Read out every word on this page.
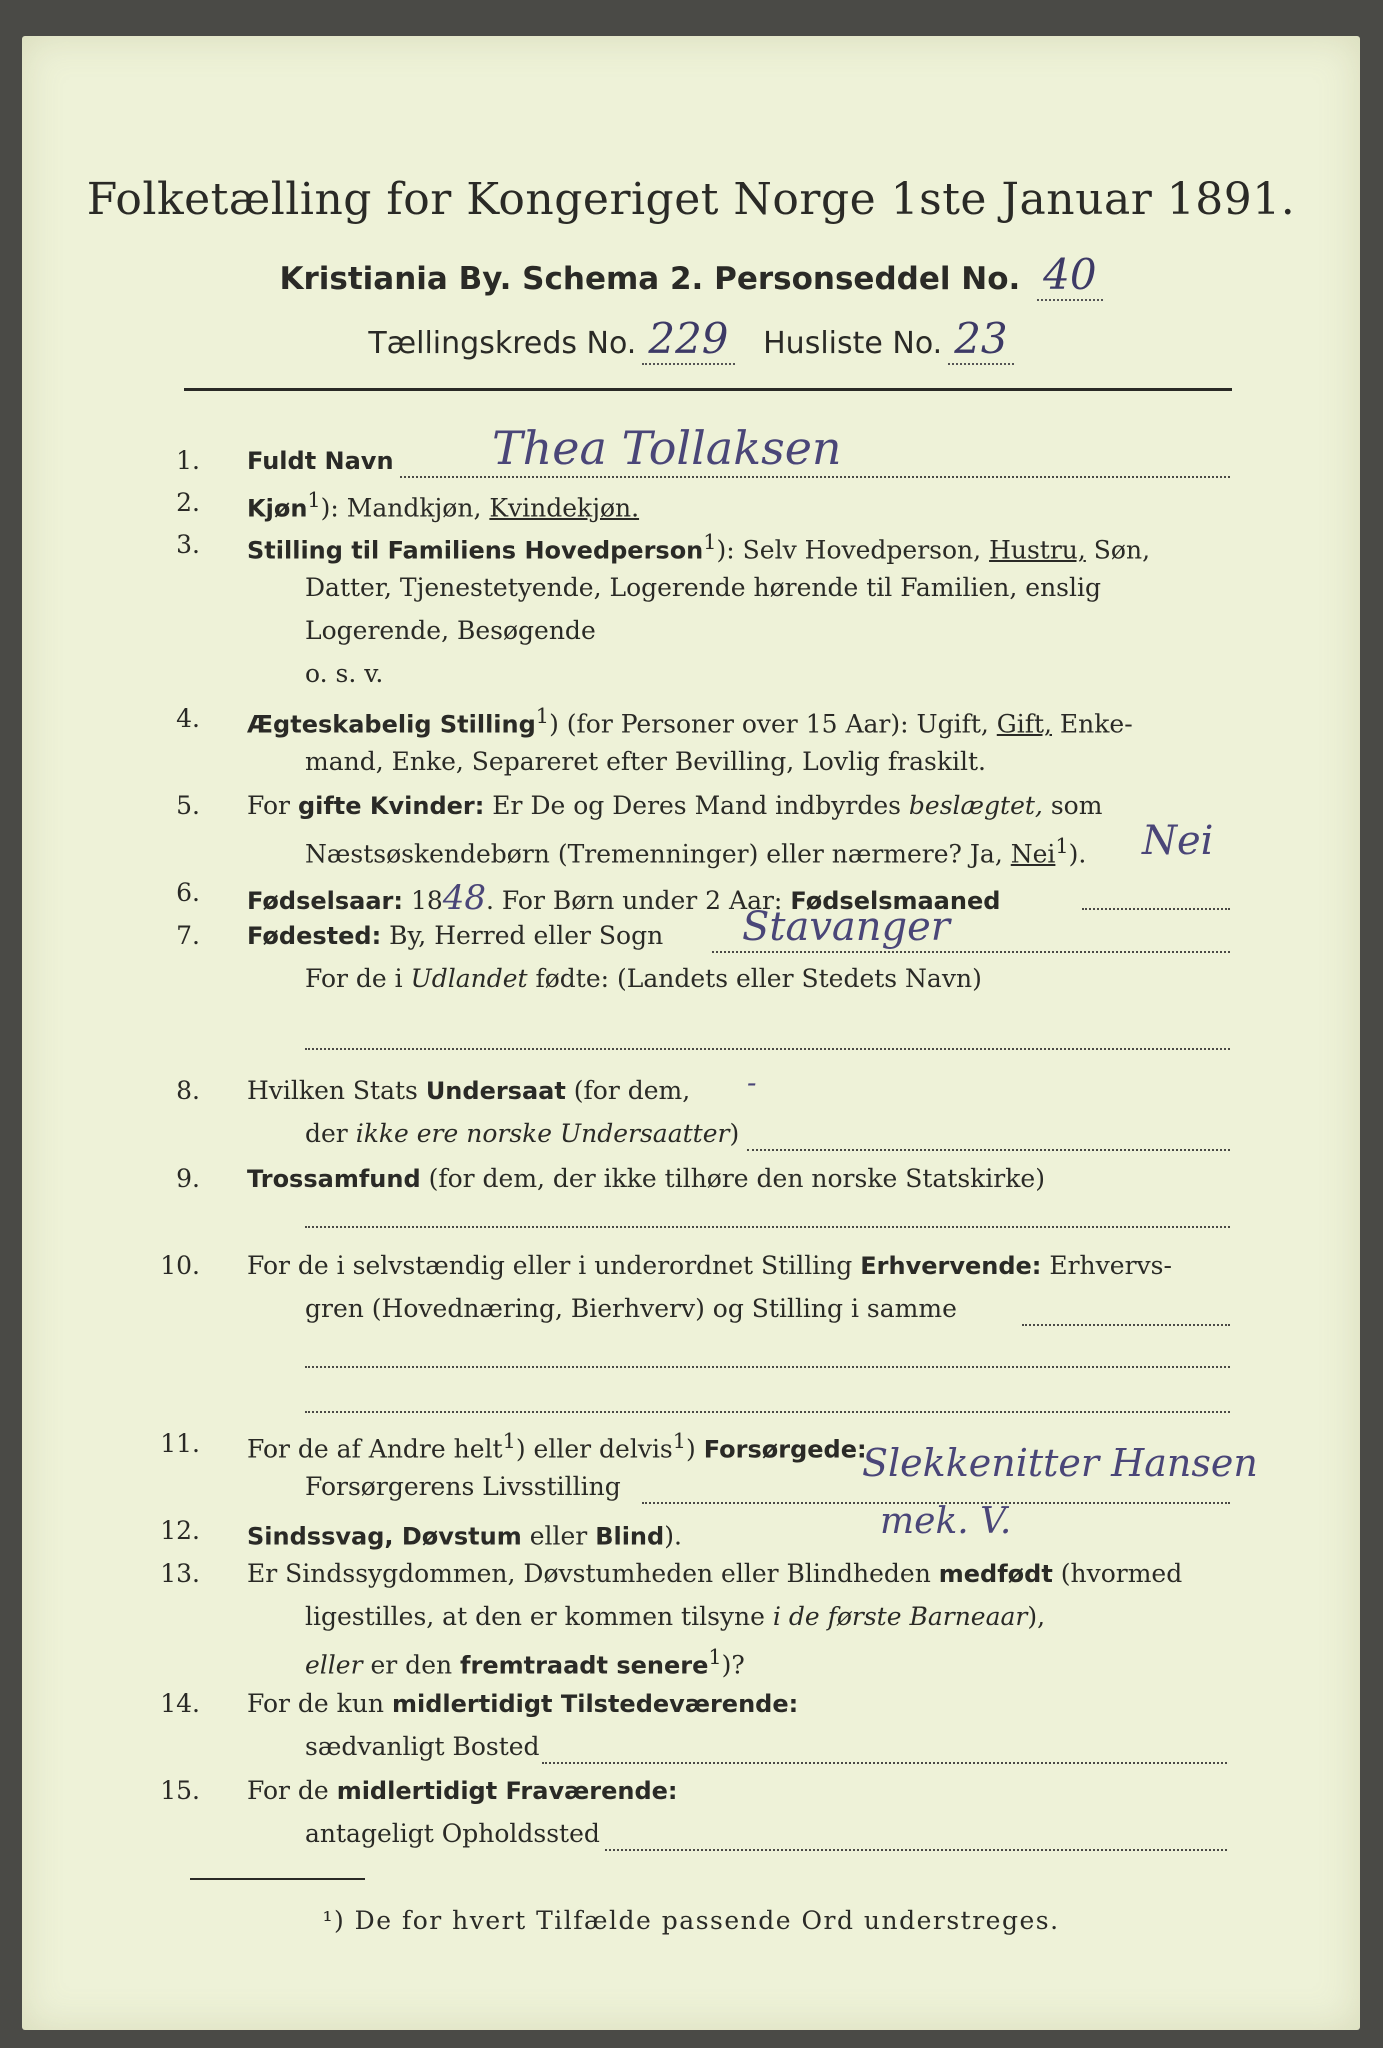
Folketælling for Kongeriget Norge 1ste Januar 1891.
Kristiania By. Schema 2. Personseddel No. 40
Tællingskreds No. 229 Husliste No. 23
1. Fuldt Navn Thea Tollaksen
2. Kjøn$^1$): Mandkjøn, Kvindekjøn.
3. Stilling til Familiens Hovedperson$^1$): Selv Hovedperson, Hustru, Søn,
Datter, Tjenestetyende, Logerende hørende til Familien, enslig
Logerende, Besøgende
o. s. v.
4. Ægteskabelig Stilling$^1$) (for Personer over 15 Aar): Ugift, Gift, Enke-
mand, Enke, Separeret efter Bevilling, Lovlig fraskilt.
5. For gifte Kvinder: Er De og Deres Mand indbyrdes beslægtet, som
Næstsøskendebørn (Tremenninger) eller nærmere? Ja, Nei$^1$). Nei
6. Fødselsaar: 1848. For Børn under 2 Aar: Fødselsmaaned
7. Fødested: By, Herred eller Sogn Stavanger
For de i Udlandet fødte: (Landets eller Stedets Navn)
8. Hvilken Stats Undersaat (for dem, -
der ikke ere norske Undersaatter)
9. Trossamfund (for dem, der ikke tilhøre den norske Statskirke)
10. For de i selvstændig eller i underordnet Stilling Erhvervende: Erhvervs-
gren (Hovednæring, Bierhverv) og Stilling i samme
11. For de af Andre helt$^1$) eller delvis$^1$) Forsørgede:
Forsørgerens Livsstilling
Slekkenitter Hansen
12. Sindssvag, Døvstum eller Blind).	mek. V.
13. Er Sindssygdommen, Døvstumheden eller Blindheden medfødt (hvormed
ligestilles, at den er kommen tilsyne i de første Barneaar),
eller er den fremtraadt senere$^1$)?
14. For de kun midlertidigt Tilstedeværende:
sædvanligt Bosted
15. For de midlertidigt Fraværende:
antageligt Opholdssted
¹) De for hvert Tilfælde passende Ord understreges.
